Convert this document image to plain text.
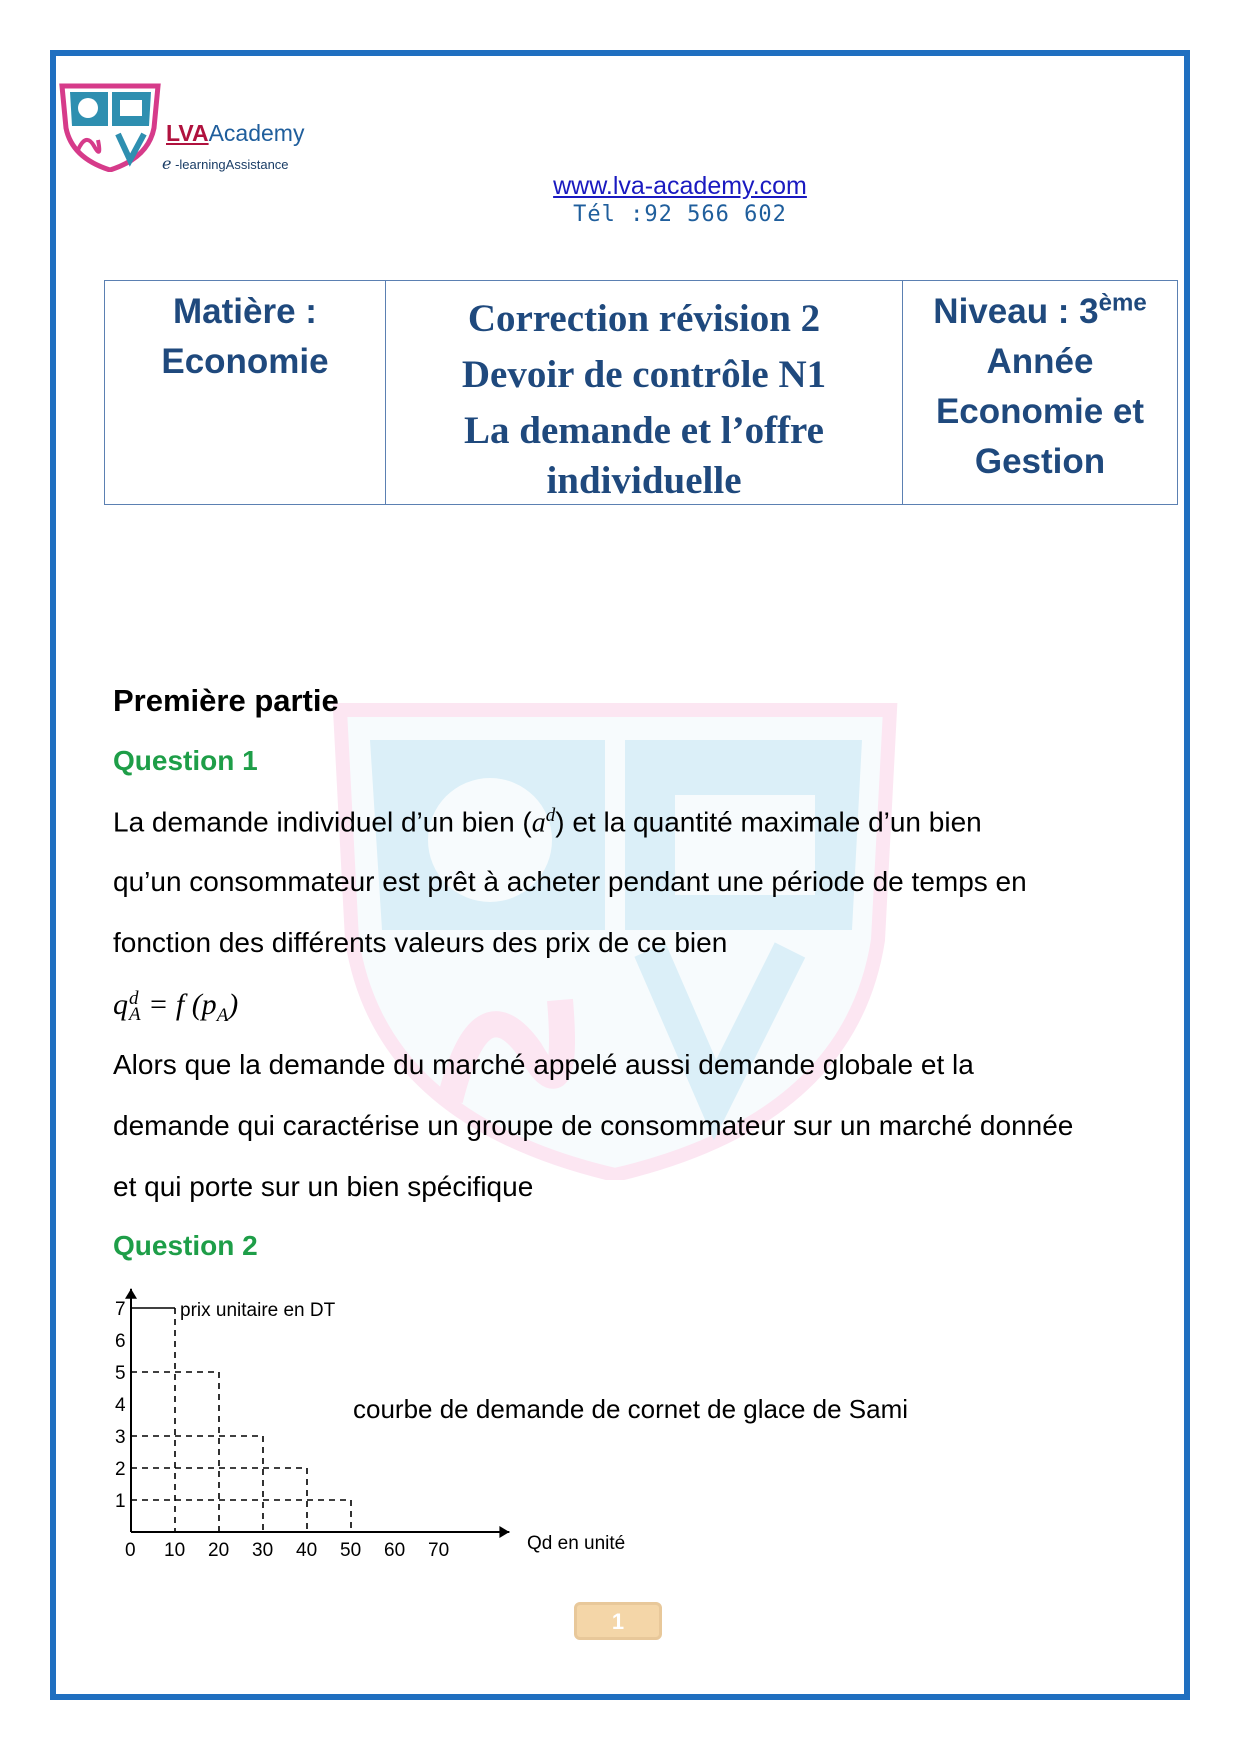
LVAAcademy
e -learningAssistance
www.lva-academy.com
Tél :92 566 602
Matière :
Economie

Correction révision 2
Devoir de contrôle N1
La demande et l’offre
individuelle

Niveau : 3ème
Année
Economie et
Gestion
Première partie
Question 1
La demande individuel d’un bien $(a^d)$ et la quantité maximale d’un bien
qu’un consommateur est prêt à acheter pendant une période de temps en
fonction des différents valeurs des prix de ce bien
q d
A = f $(p_A)$
Alors que la demande du marché appelé aussi demande globale et la
demande qui caractérise un groupe de consommateur sur un marché donnée
et qui porte sur un bien spécifique
Question 2
1
2
3
4
5
6
7
0 10 20 30 40 50 60 70
prix unitaire en DT
Qd en unité
courbe de demande de cornet de glace de Sami
1
